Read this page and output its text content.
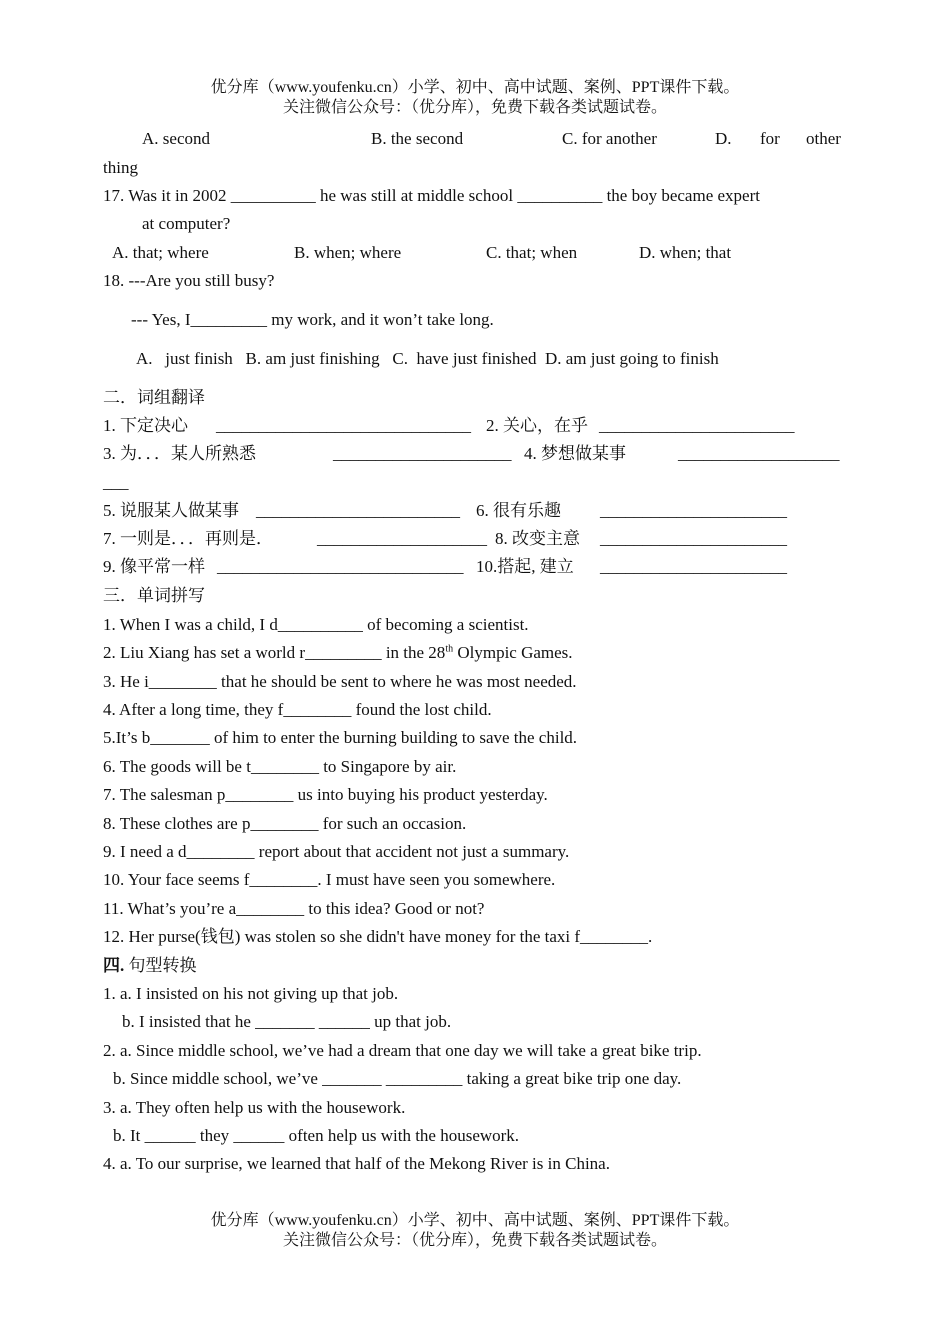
优分库（www.youfenku.cn）小学、初中、高中试题、案例、PPT课件下载。
关注微信公众号：（优分库），免费下载各类试题试卷。
A. second	B. the second	C. for another	D. for other
thing
17. Was it in 2002 __________ he was still at middle school __________ the boy became expert
at computer?
A. that; where	B. when; where	C. that; when	D. when; that
18. ---Are you still busy?
--- Yes, I_________ my work, and it won’t take long.
A.   just finish   B. am just finishing   C.  have just finished  D. am just going to finish
二．词组翻译
1. 下定决心 ______________________________ 2. 关心，在乎 _______________________
3. 为．．．某人所熟悉	_____________________ 4. 梦想做某事	___________________
___
5. 说服某人做某事 ________________________ 6. 很有乐趣 ______________________
7. 一则是．．．再则是．	____________________ 8. 改变主意 ______________________
9. 像平常一样 _____________________________ 10.搭起, 建立 ______________________
三．单词拼写
1. When I was a child, I d__________ of becoming a scientist.
2. Liu Xiang has set a world r_________ in the 28th Olympic Games.
3. He i________ that he should be sent to where he was most needed.
4. After a long time, they f________ found the lost child.
5.It’s b_______ of him to enter the burning building to save the child.
6. The goods will be t________ to Singapore by air.
7. The salesman p________ us into buying his product yesterday.
8. These clothes are p________ for such an occasion.
9. I need a d________ report about that accident not just a summary.
10. Your face seems f________. I must have seen you somewhere.
11. What’s you’re a________ to this idea? Good or not?
12. Her purse(钱包) was stolen so she didn't have money for the taxi f________.
四. 句型转换
1. a. I insisted on his not giving up that job.
b. I insisted that he _______ ______ up that job.
2. a. Since middle school, we’ve had a dream that one day we will take a great bike trip.
b. Since middle school, we’ve _______ _________ taking a great bike trip one day.
3. a. They often help us with the housework.
b. It ______ they ______ often help us with the housework.
4. a. To our surprise, we learned that half of the Mekong River is in China.
优分库（www.youfenku.cn）小学、初中、高中试题、案例、PPT课件下载。
关注微信公众号：（优分库），免费下载各类试题试卷。
